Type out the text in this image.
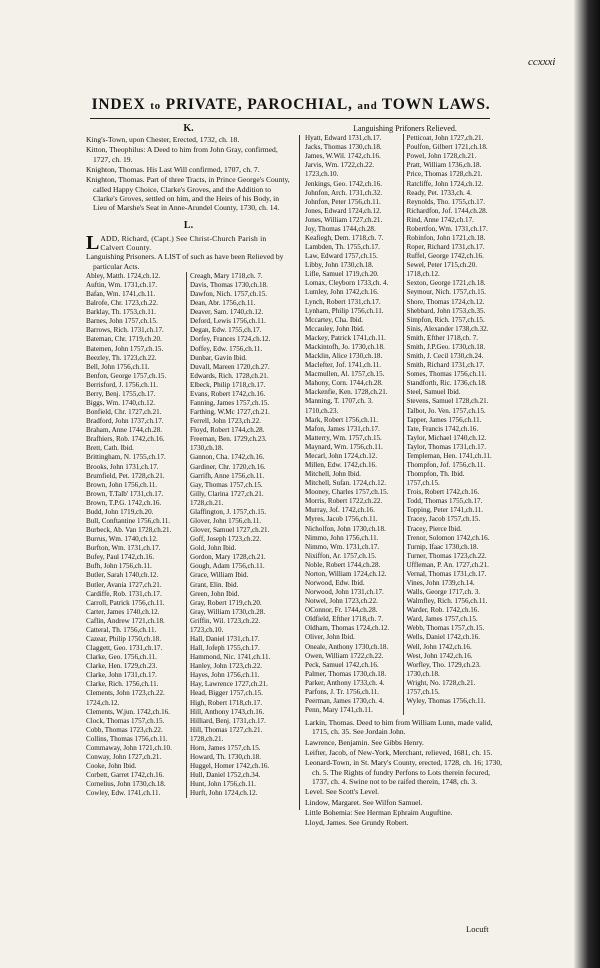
ccxxxi
INDEX to PRIVATE, PAROCHIAL, and TOWN LAWS.
K.
King's-Town, upon Chester, Erected, 1732, ch. 18.
Kitton, Theophilus: A Deed to him from John Gray, confirmed, 1727, ch. 19.
Knighton, Thomas. His Last Will confirmed, 1707, ch. 7.
Knighton, Thomas. Part of three Tracts, in Prince George's County, called Happy Choice, Clarke's Groves, and the Addition to Clarke's Groves, settled on him, and the Heirs of his Body, in Lieu of Marshe's Seat in Anne-Arundel County, 1730, ch. 14.
L.
LADD, Richard, (Capt.) See Christ-Church Parish in Calvert County.
Languishing Prisoners. A LIST of such as have been Relieved by particular Acts.
Abley, Matth. 1724,ch.12.	Creagh, Mary 1718,ch. 7.
Auftin, Wm. 1731,ch.17.	Davis, Thomas 1730,ch.18.
Bafan, Wm. 1741,ch.11.	Dawfon, Nich. 1757,ch.15.
Balrofe, Chr. 1723,ch.22.	Dean, Abr. 1756,ch.11.
Barklay, Th. 1753,ch.11.	Deaver, Sam. 1740,ch.12.
Barnes, John 1757,ch.15.	Deford, Lewis 1756,ch.11.
Barrows, Rich. 1731,ch.17.	Degan, Edw. 1755,ch.17.
Bateman, Chr. 1719,ch.20.	Dorfey, Frances 1724,ch.12.
Batemen, John 1757,ch.15.	Doffey, Edw. 1756,ch.11.
Beezley, Th. 1723,ch.22.	Dunbar, Gavin Ibid.
Bell, John 1756,ch.11.	Duvall, Mareen 1720,ch.27.
Benfon, George 1757,ch.15.	Edwards, Rich. 1728,ch.21.
Berrisford, J. 1756,ch.11.	Elbeck, Philip 1718,ch.17.
Berry, Benj. 1755,ch.17.	Evans, Robert 1742,ch.16.
Biggs, Wm. 1740,ch.12.	Fanning, James 1757,ch.15.
Bonfield, Chr. 1727,ch.21.	Farthing, W.Mc 1727,ch.21.
Bradford, John 1737,ch.17.	Ferrell, John 1723,ch.22.
Braham, Anne 1744,ch.28.	Floyd, Robert 1744,ch.28.
Brafhiers, Rob. 1742,ch.16.	Freeman, Ben. 1729,ch.23.
Brett, Cath. Ibid.	1730,ch.18.
Brittingham, N. 1755,ch.17.	Gannon, Cha. 1742,ch.16.
Brooks, John 1731,ch.17.	Gardiner, Chr. 1720,ch.16.
Brumfield, Pet. 1728,ch.21.	Garrifh, Anne 1756,ch.11.
Brown, John 1756,ch.11.	Gay, Thomas 1757,ch.15.
Brown, T.Talb' 1731,ch.17.	Gilly, Clarina 1727,ch.21.
Brown, T.P.G. 1742,ch.16.	1728,ch.21.
Budd, John 1719,ch.20.	Glaffington, J. 1757,ch.15.
Bull, Conftantine 1756,ch.11.	Glover, John 1756,ch.11.
Burbeck, Ab. Van 1728,ch.21.	Glover, Samuel 1727,ch.21.
Burrus, Wm. 1740,ch.12.	Goff, Joseph 1723,ch.22.
Burfton, Wm. 1731,ch.17.	Gold, John Ibid.
Bufey, Paul 1742,ch.16.	Gordon, Mary 1728,ch.21.
Bufh, John 1756,ch.11.	Gough, Adam 1756,ch.11.
Butler, Sarah 1740,ch.12.	Grace, William Ibid.
Butler, Avania 1727,ch.21.	Grant, Elin. Ibid.
Cardiffe, Rob. 1731,ch.17.	Green, John Ibid.
Carroll, Patrick 1756,ch.11.	Gray, Robert 1719,ch.20.
Carter, James 1740,ch.12.	Gray, William 1730,ch.28.
Caflin, Andrew 1721,ch.18.	Griffin, Wil. 1723,ch.22.
Catteral, Th. 1756,ch.11.	1723,ch.10.
Cazear, Philip 1750,ch.18.	Hall, Daniel 1731,ch.17.
Claggett, Geo. 1731,ch.17.	Hall, Jofeph 1755,ch.17.
Clarke, Geo. 1756,ch.11.	Hammond, Nic. 1741,ch.11.
Clarke, Hen. 1729,ch.23.	Hanley, John 1723,ch.22.
Clarke, John 1731,ch.17.	Hayes, John 1756,ch.11.
Clarke, Rich. 1756,ch.11.	Hay, Lawrence 1727,ch.21.
Clements, John 1723,ch.22.	Head, Bigger 1757,ch.15.
1724,ch.12.	High, Robert 1718,ch.17.
Clements, W.jun. 1742,ch.16.	Hill, Anthony 1743,ch.16.
Clock, Thomas 1757,ch.15.	Hilliard, Benj. 1731,ch.17.
Cobb, Thomas 1723,ch.22.	Hill, Thomas 1727,ch.21.
Collins, Thomas 1756,ch.11.	1728,ch.21.
Commaway, John 1721,ch.10.	Horn, James 1757,ch.15.
Conway, John 1727,ch.21.	Howard, Th. 1730,ch.18.
Cooke, John Ibid.	Huggel, Homer 1742,ch.16.
Corbett, Garret 1742,ch.16.	Hull, Daniel 1752,ch.34.
Cornelius, John 1730,ch.18.	Hunt, John 1756,ch.11.
Cowley, Edw. 1741,ch.11.	Hurft, John 1724,ch.12.
Languishing Prifoners Relieved.
Hyatt, Edward 1731,ch.17.	Petticoat, John 1727,ch.21.
Jacks, Thomas 1730,ch.18.	Poulfon, Gilbert 1721,ch.18.
James, W.Wil. 1742,ch.16.	Powel, John 1728,ch.21.
Jarvis, Wm. 1722,ch.22.	Pratt, William 1736,ch.18.
1723,ch.10.	Price, Thomas 1728,ch.21.
Jenkings, Geo. 1742,ch.16.	Ratcliffe, John 1724,ch.12.
Johnfon, Arch. 1731,ch.32.	Ready, Pet. 1733,ch. 4.
Johnfon, Peter 1756,ch.11.	Reynolds, Tho. 1755,ch.17.
Jones, Edward 1724,ch.12.	Richardfon, Jof. 1744,ch.28.
Jones, William 1727,ch.21.	Rind, Anne 1742,ch.17.
Joy, Thomas 1744,ch.28.	Robertfon, Wm. 1731,ch.17.
Keafiegh, Dem. 1718,ch. 7.	Robinfon, John 1721,ch.18.
Lambden, Th. 1755,ch.17.	Roper, Richard 1731,ch.17.
Law, Edward 1757,ch.15.	Ruffel, George 1742,ch.16.
Libby, John 1730,ch.18.	Sewel, Peter 1715,ch.20.
Lifle, Samuel 1719,ch.20.	1718,ch.12.
Lomax, Cleyborn 1733,ch. 4.	Sexton, George 1721,ch.18.
Lumley, John 1742,ch.16.	Seymour, Nich. 1757,ch.15.
Lynch, Robert 1731,ch.17.	Shore, Thomas 1724,ch.12.
Lynham, Philip 1756,ch.11.	Shebbard, John 1753,ch.35.
Mccartey, Cha. Ibid.	Simpfon, Rich. 1757,ch.15.
Mccauley, John Ibid.	Sinis, Alexander 1738,ch.32.
Mackey, Patrick 1741,ch.11.	Smith, Efther 1718,ch. 7.
Mackintofh, Jo. 1730,ch.18.	Smith, J.P.Geo. 1730,ch.18.
Macklin, Alice 1730,ch.18.	Smith, J. Cecil 1730,ch.24.
Maclefter, Jof. 1741,ch.11.	Smith, Richard 1731,ch.17.
Macmullen, Al. 1757,ch.15.	Somes, Thomas 1756,ch.11.
Mahony, Corn. 1744,ch.28.	Standforth, Ric. 1736,ch.18.
Mackenfie, Ken. 1728,ch.21.	Steel, Samuel Ibid.
Manning, T. 1707,ch. 3.	Stevens, Samuel 1728,ch.21.
1710,ch.23.	Talbot, Jo. Ven. 1757,ch.15.
Mark, Robert 1756,ch.11.	Tapper, James 1756,ch.11.
Mafon, James 1731,ch.17.	Tate, Francis 1742,ch.16.
Matterry, Wm. 1757,ch.15.	Taylor, Michael 1740,ch.12.
Maynard, Wm. 1756,ch.11.	Taylor, Thomas 1731,ch.17.
Mecarl, John 1724,ch.12.	Templeman, Hen. 1741,ch.11.
Millen, Edw. 1742,ch.16.	Thompfon, Jof. 1756,ch.11.
Mitchell, John Ibid.	Thompfon, Th. Ibid.
Mitchell, Sufan. 1724,ch.12.	1757,ch.15.
Mooney, Charles 1757,ch.15.	Trois, Robert 1742,ch.16.
Morris, Robert 1722,ch.22.	Todd, Thomas 1755,ch.17.
Murray, Jof. 1742,ch.16.	Topping, Peter 1741,ch.11.
Myres, Jacob 1756,ch.11.	Tracey, Jacob 1757,ch.15.
Nicholfon, John 1730,ch.18.	Tracey, Pierce Ibid.
Nimmo, John 1756,ch.11.	Trenor, Solomon 1742,ch.16.
Nimmo, Wm. 1731,ch.17.	Turnip, Ifaac 1730,ch.18.
Nixiffon, Ar. 1757,ch.15.	Turner, Thomas 1723,ch.22.
Noble, Robert 1744,ch.28.	Uffleman, P. An. 1727,ch.21.
Norton, William 1724,ch.12.	Vernal, Thomas 1731,ch.17.
Norwood, Edw. Ibid.	Vines, John 1739,ch.14.
Norwood, John 1731,ch.17.	Walls, George 1717,ch. 3.
Notwel, John 1723,ch.22.	Walmfley, Rich. 1756,ch.11.
OConnor, Fr. 1744,ch.28.	Warder, Rob. 1742,ch.16.
Oldfield, Efther 1718,ch. 7.	Ward, James 1757,ch.15.
Oldham, Thomas 1724,ch.12.	Webb, Thomas 1757,ch.15.
Oliver, John Ibid.	Wells, Daniel 1742,ch.16.
Oneale, Anthony 1730,ch.18.	Well, John 1742,ch.16.
Owen, William 1722,ch.22.	West, John 1742,ch.16.
Peck, Samuel 1742,ch.16.	Worfley, Tho. 1729,ch.23.
Palmer, Thomas 1730,ch.18.	1730,ch.18.
Parker, Anthony 1733,ch. 4.	Wright, No. 1728,ch.21.
Parfons, J. Tr. 1756,ch.11.	1757,ch.15.
Peerman, James 1730,ch. 4.	Wyley, Thomas 1756,ch.11.
Penn, Mary 1741,ch.11.
Larkin, Thomas. Deed to him from William Lunn, made valid, 1715, ch. 35. See Jordain John.
Lawrence, Benjamin. See Gibbs Henry.
Leifter, Jacob, of New-York, Merchant, relieved, 1681, ch. 15.
Leonard-Town, in St. Mary's County, erected, 1728, ch. 16; 1730, ch. 5. The Rights of fundry Perfons to Lots therein fecured, 1737, ch. 4. Swine not to be raifed therein, 1748, ch. 3.
Level. See Scott's Level.
Lindow, Margaret. See Wilfon Samuel.
Little Bohemia: See Herman Ephraim Auguftine.
Lloyd, James. See Grundy Robert.
Locuft
